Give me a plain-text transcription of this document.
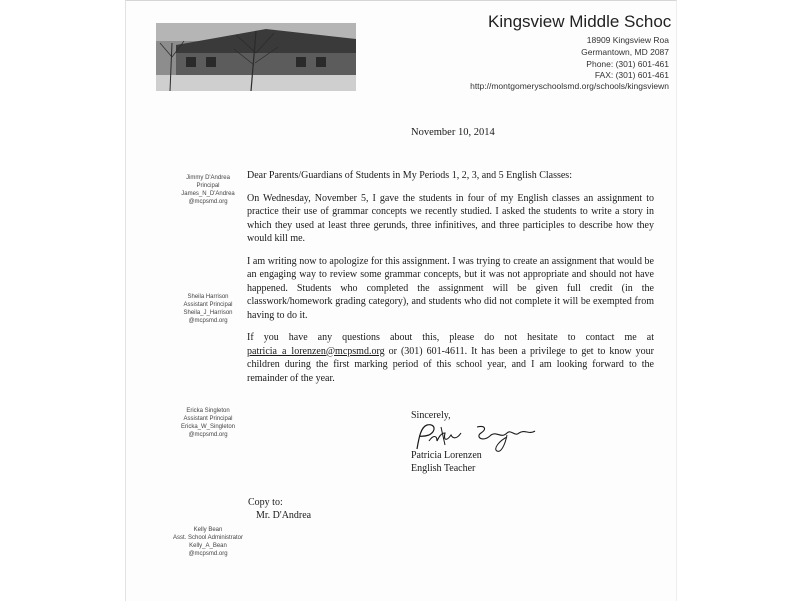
Kingsview Middle Schoc
18909 Kingsview Roa
Germantown, MD 2087
Phone: (301) 601-461
FAX: (301) 601-461
http://montgomeryschoolsmd.org/schools/kingsviewn
November 10, 2014
Jimmy D'Andrea
Principal
James_N_D'Andrea
@mcpsmd.org
Sheila Harrison
Assistant Principal
Sheila_J_Harrison
@mcpsmd.org
Ericka Singleton
Assistant Principal
Ericka_W_Singleton
@mcpsmd.org
Kelly Bean
Asst. School Administrator
Kelly_A_Bean
@mcpsmd.org

Dear Parents/Guardians of Students in My Periods 1, 2, 3, and 5 English Classes:

On Wednesday, November 5, I gave the students in four of my English classes an assignment to practice their use of grammar concepts we recently studied. I asked the students to write a story in which they used at least three gerunds, three infinitives, and three participles to describe how they would kill me.

I am writing now to apologize for this assignment. I was trying to create an assignment that would be an engaging way to review some grammar concepts, but it was not appropriate and should not have happened. Students who completed the assignment will be given full credit (in the classwork/homework grading category), and students who did not complete it will be exempted from having to do it.

If you have any questions about this, please do not hesitate to contact me at patricia_a_lorenzen@mcpsmd.org or (301) 601-4611. It has been a privilege to get to know your children during the first marking period of this school year, and I am looking forward to the remainder of the year.

Sincerely,
Patricia Lorenzen
English Teacher
Copy to:
Mr. D'Andrea
